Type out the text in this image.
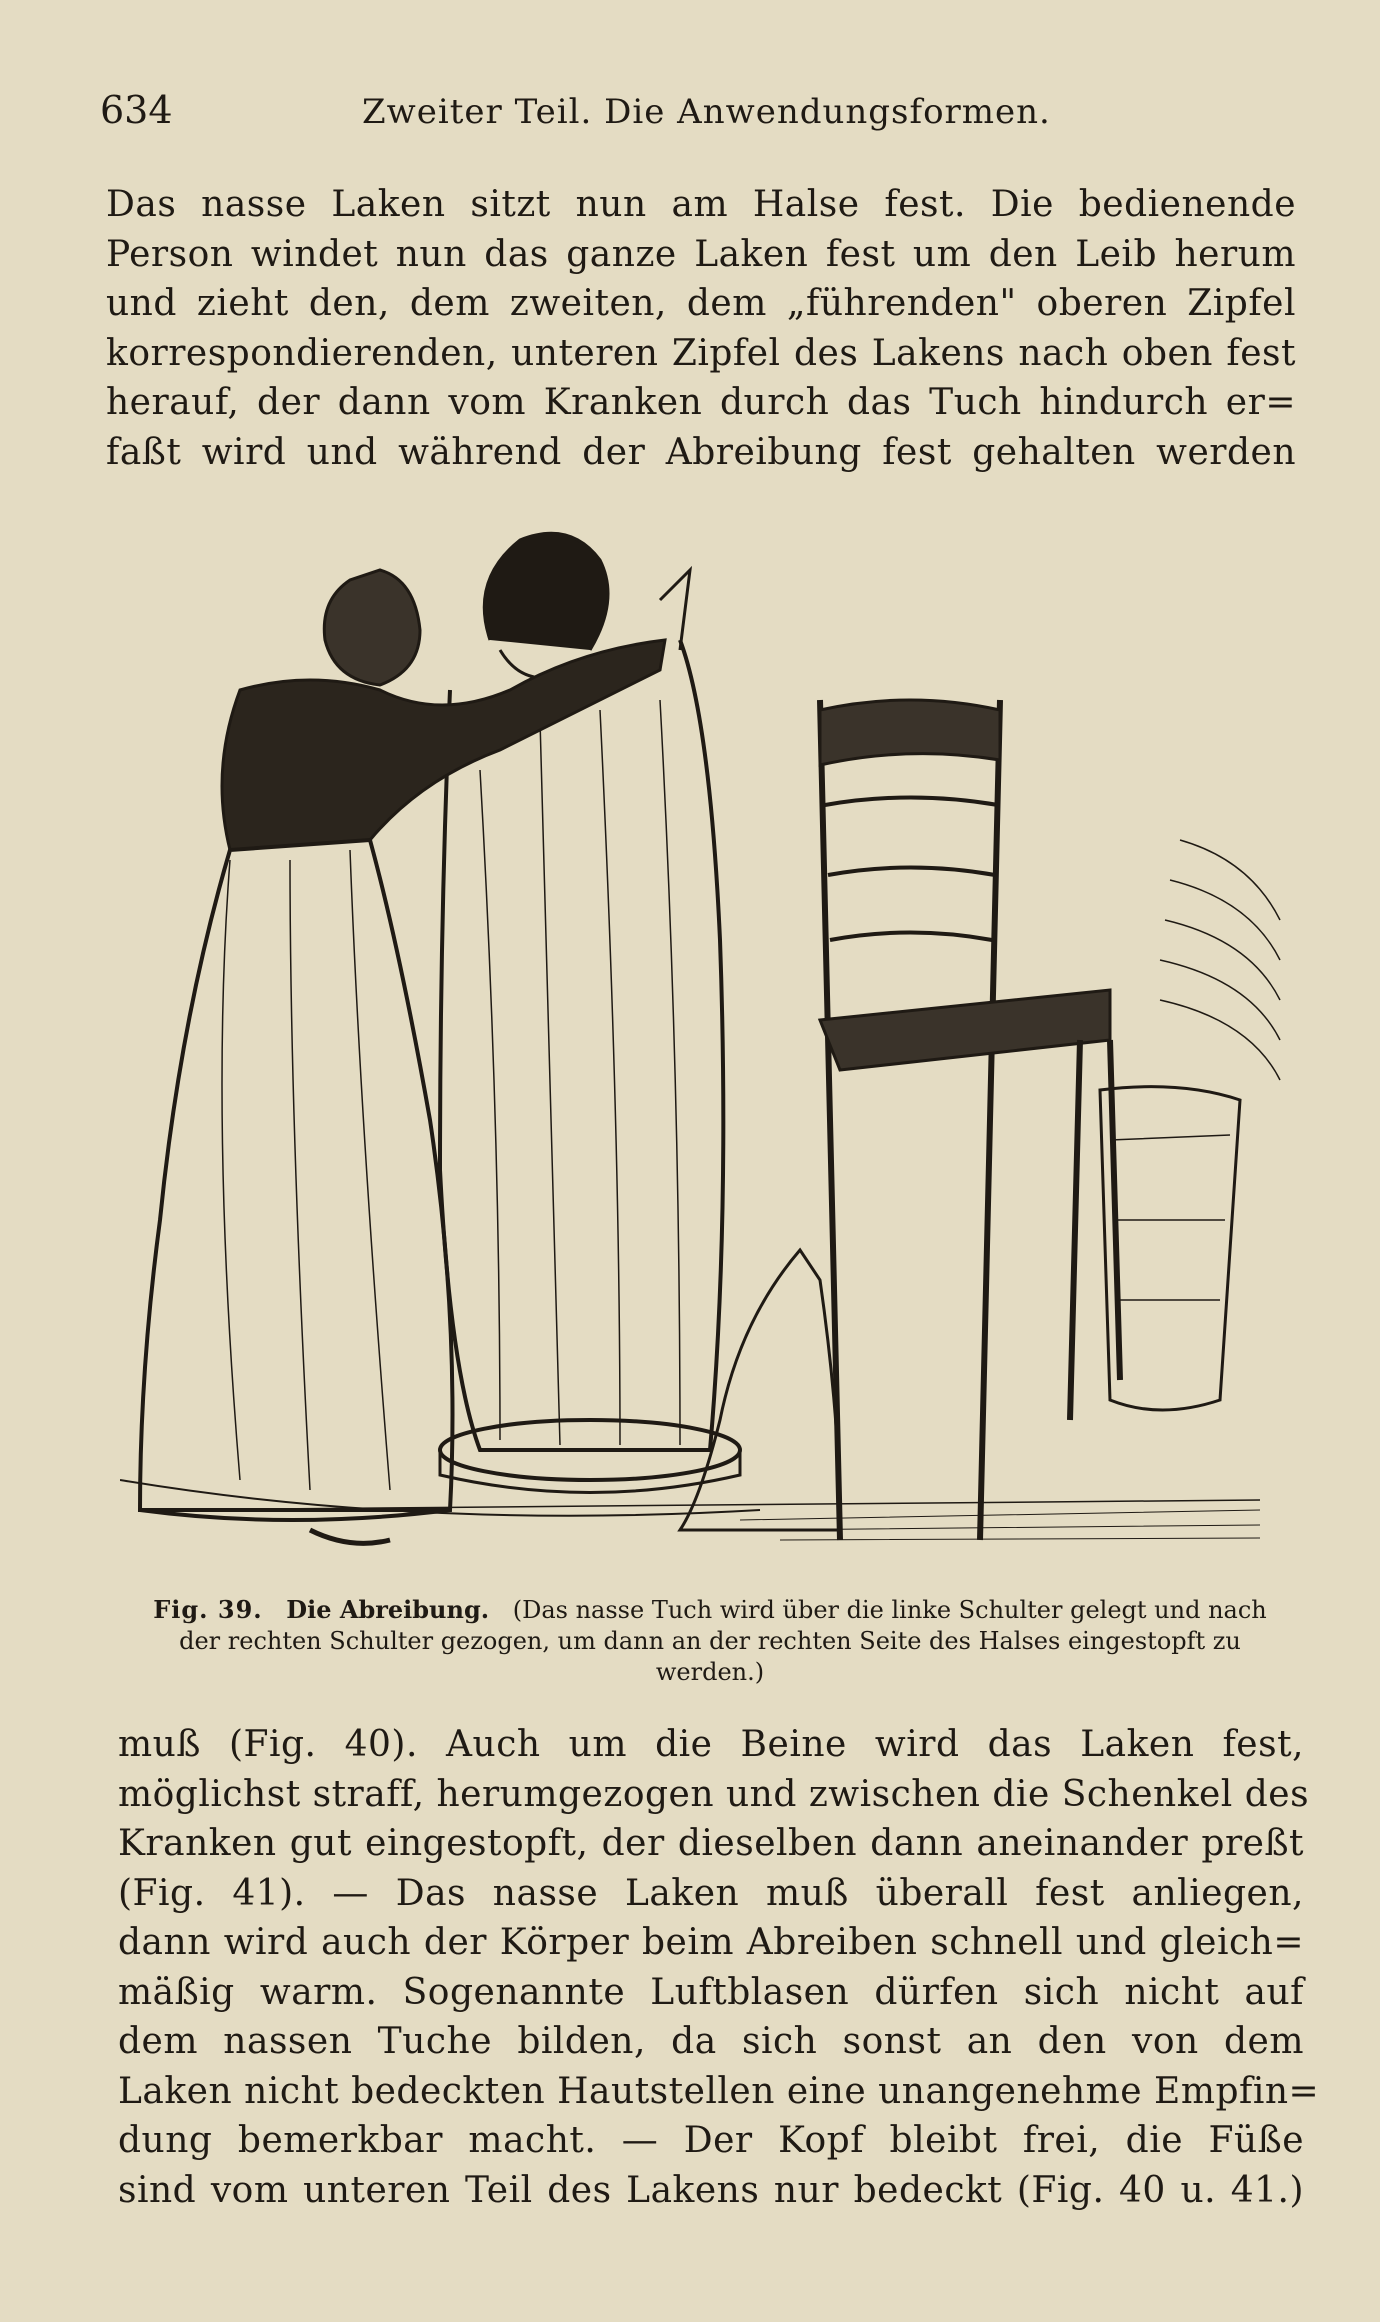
634	Zweiter Teil. Die Anwendungsformen.
Das nasse Laken sitzt nun am Halse fest. Die bedienende
Person windet nun das ganze Laken fest um den Leib herum
und zieht den, dem zweiten, dem „führenden" oberen Zipfel
korrespondierenden, unteren Zipfel des Lakens nach oben fest
herauf, der dann vom Kranken durch das Tuch hindurch er=
faßt wird und während der Abreibung fest gehalten werden
Fig. 39. Die Abreibung. (Das nasse Tuch wird über die linke Schulter gelegt und nach der rechten Schulter gezogen, um dann an der rechten Seite des Halses eingestopft zu werden.)
muß (Fig. 40). Auch um die Beine wird das Laken fest,
möglichst straff, herumgezogen und zwischen die Schenkel des
Kranken gut eingestopft, der dieselben dann aneinander preßt
(Fig. 41). — Das nasse Laken muß überall fest anliegen,
dann wird auch der Körper beim Abreiben schnell und gleich=
mäßig warm. Sogenannte Luftblasen dürfen sich nicht auf
dem nassen Tuche bilden, da sich sonst an den von dem
Laken nicht bedeckten Hautstellen eine unangenehme Empfin=
dung bemerkbar macht. — Der Kopf bleibt frei, die Füße
sind vom unteren Teil des Lakens nur bedeckt (Fig. 40 u. 41.)
